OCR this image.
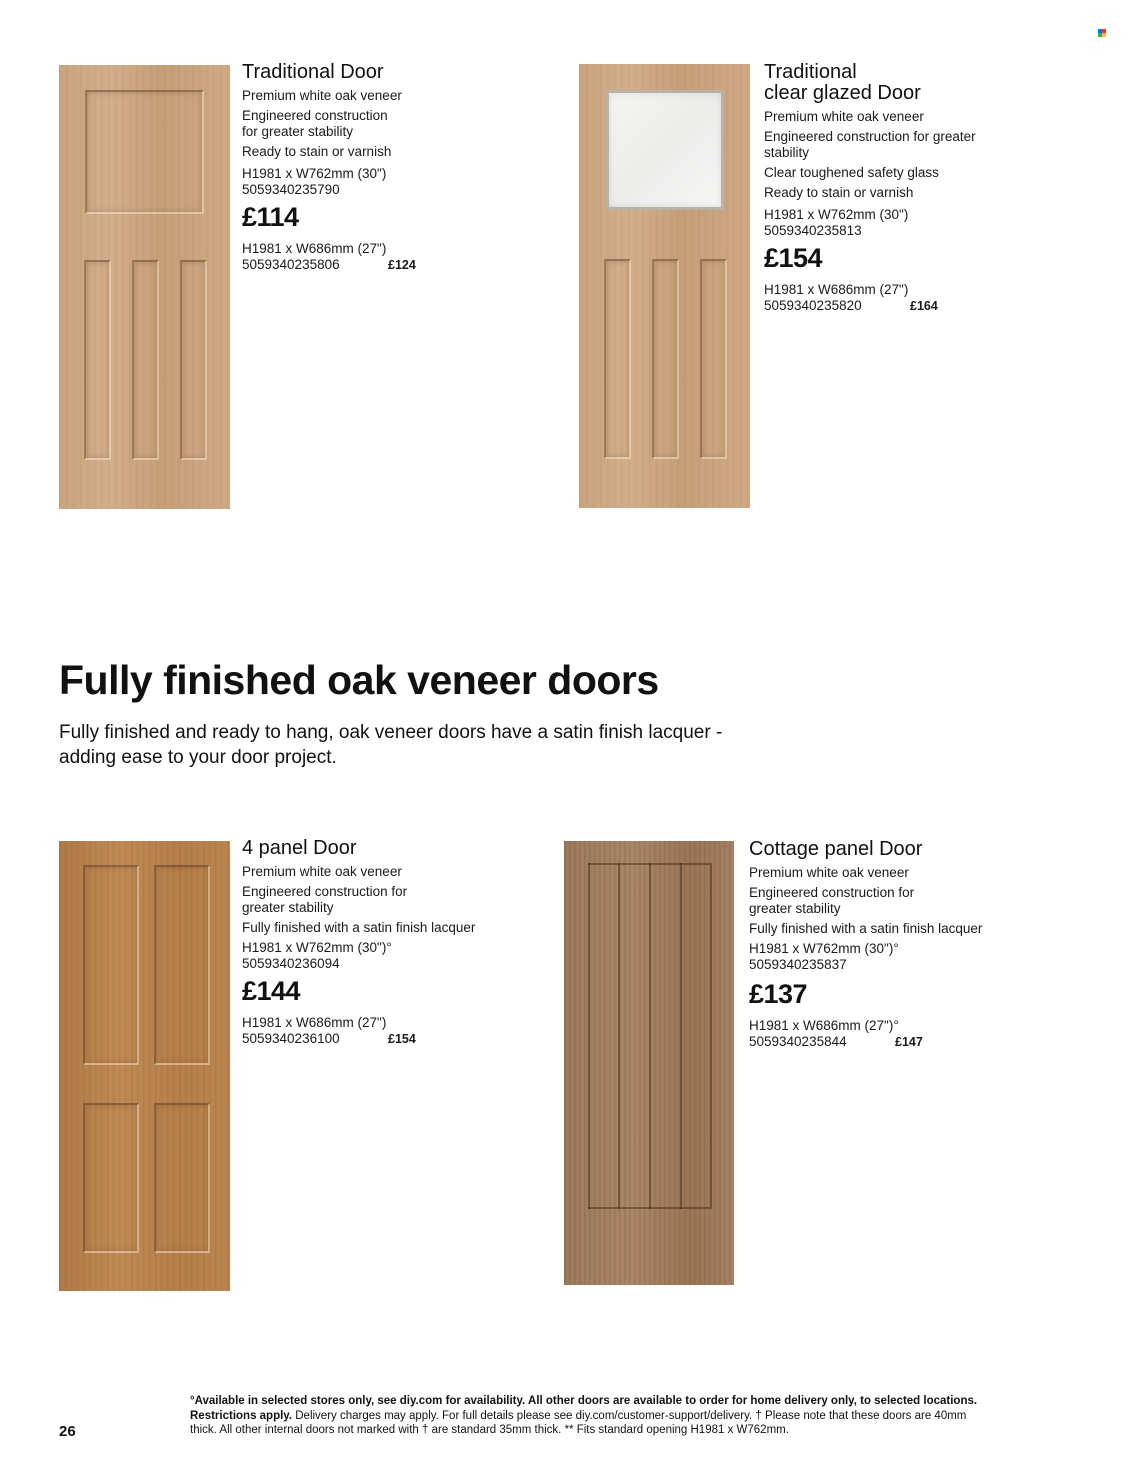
Traditional Door
Premium white oak veneer
Engineered construction
for greater stability
Ready to stain or varnish
H1981 x W762mm (30")
5059340235790
£114
H1981 x W686mm (27")
5059340235806	£124
Traditional
clear glazed Door
Premium white oak veneer
Engineered construction for greater
stability
Clear toughened safety glass
Ready to stain or varnish
H1981 x W762mm (30")
5059340235813
£154
H1981 x W686mm (27")
5059340235820	£164
Fully finished oak veneer doors
Fully finished and ready to hang, oak veneer doors have a satin finish lacquer -
adding ease to your door project.
4 panel Door
Premium white oak veneer
Engineered construction for
greater stability
Fully finished with a satin finish lacquer
H1981 x W762mm (30")°
5059340236094
£144
H1981 x W686mm (27")
5059340236100	£154
Cottage panel Door
Premium white oak veneer
Engineered construction for
greater stability
Fully finished with a satin finish lacquer
H1981 x W762mm (30")°
5059340235837
£137
H1981 x W686mm (27")°
5059340235844	£147
°Available in selected stores only, see diy.com for availability. All other doors are available to order for home delivery only, to selected locations.
Restrictions apply. Delivery charges may apply. For full details please see diy.com/customer-support/delivery. † Please note that these doors are 40mm
thick. All other internal doors not marked with † are standard 35mm thick. ** Fits standard opening H1981 x W762mm.
26
